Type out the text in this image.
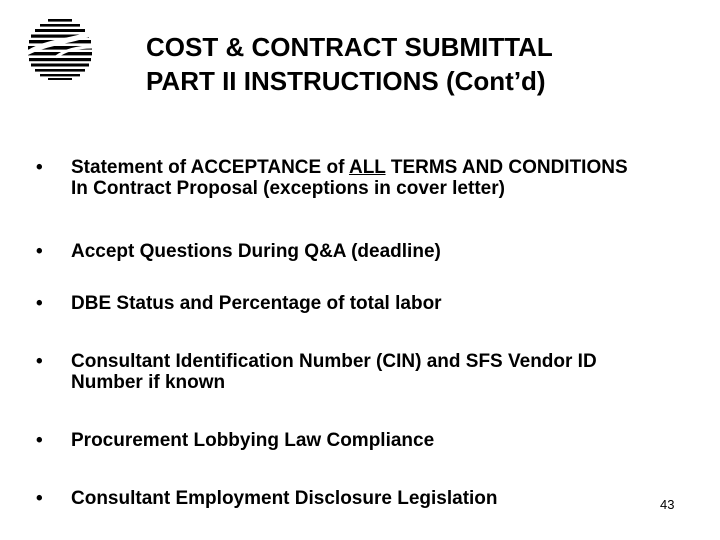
COST & CONTRACT SUBMITTAL
PART II INSTRUCTIONS (Cont’d)
•	Statement of ACCEPTANCE of ALL TERMS AND CONDITIONS In Contract Proposal (exceptions in cover letter)
•	Accept Questions During Q&A (deadline)
•	DBE Status and Percentage of total labor
•	Consultant Identification Number (CIN) and SFS Vendor ID Number if known
•	Procurement Lobbying Law Compliance
•	Consultant Employment Disclosure Legislation	43
